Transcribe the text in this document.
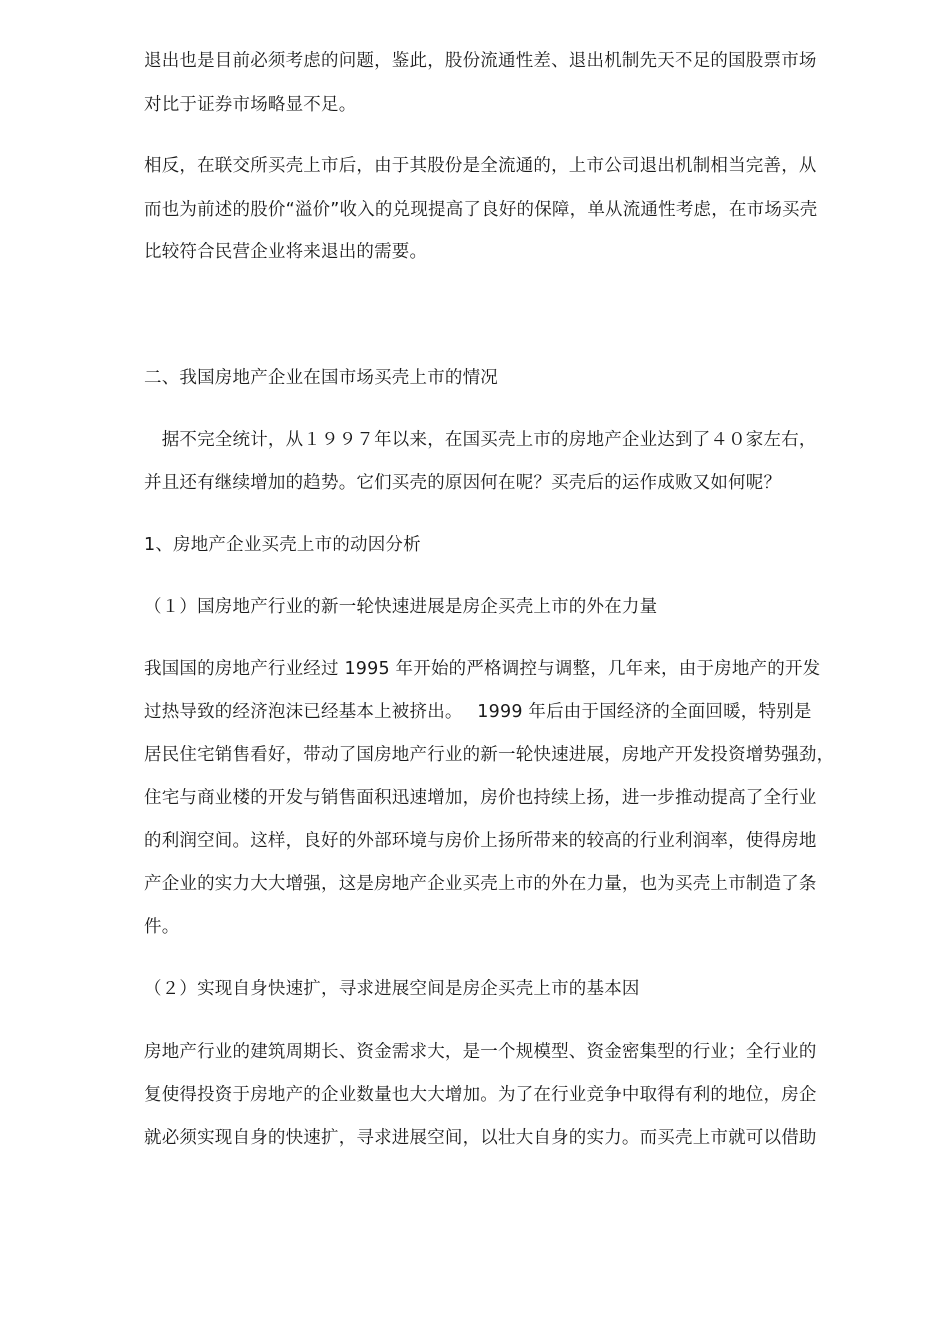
退出也是目前必须考虑的问题，鉴此，股份流通性差、退出机制先天不足的国股票市场
对比于证券市场略显不足。
相反，在联交所买壳上市后，由于其股份是全流通的，上市公司退出机制相当完善，从
而也为前述的股价“溢价”收入的兑现提高了良好的保障，单从流通性考虑，在市场买壳
比较符合民营企业将来退出的需要。
二、我国房地产企业在国市场买壳上市的情况
　据不完全统计，从１９９７年以来，在国买壳上市的房地产企业达到了４０家左右，
并且还有继续增加的趋势。它们买壳的原因何在呢？买壳后的运作成败又如何呢？
1、房地产企业买壳上市的动因分析
（１）国房地产行业的新一轮快速进展是房企买壳上市的外在力量
我国国的房地产行业经过 1995 年开始的严格调控与调整，几年来，由于房地产的开发
过热导致的经济泡沫已经基本上被挤出。　 1999 年后由于国经济的全面回暖，特别是
居民住宅销售看好，带动了国房地产行业的新一轮快速进展，房地产开发投资增势强劲，
住宅与商业楼的开发与销售面积迅速增加，房价也持续上扬，进一步推动提高了全行业
的利润空间。这样，良好的外部环境与房价上扬所带来的较高的行业利润率，使得房地
产企业的实力大大增强，这是房地产企业买壳上市的外在力量，也为买壳上市制造了条
件。
（２）实现自身快速扩，寻求进展空间是房企买壳上市的基本因
房地产行业的建筑周期长、资金需求大，是一个规模型、资金密集型的行业；全行业的
复使得投资于房地产的企业数量也大大增加。为了在行业竞争中取得有利的地位，房企
就必须实现自身的快速扩，寻求进展空间，以壮大自身的实力。而买壳上市就可以借助
